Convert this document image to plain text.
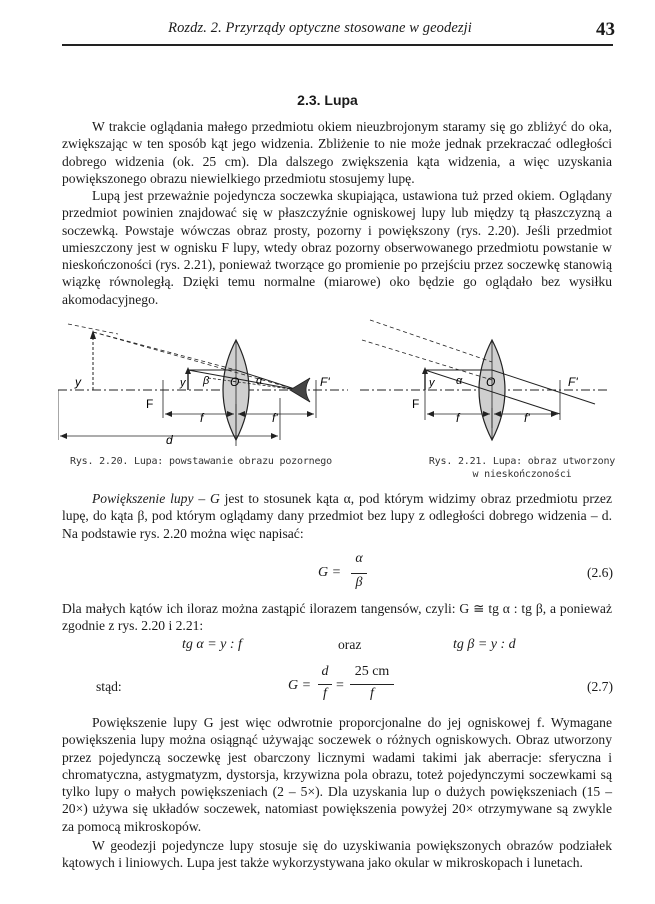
Rozdz. 2. Przyrządy optyczne stosowane w geodezji	43
2.3. Lupa

W trakcie oglądania małego przedmiotu okiem nieuzbrojonym staramy się go zbliżyć do oka, zwiększając w ten sposób kąt jego widzenia. Zbliżenie to nie może jednak przekraczać odległości dobrego widzenia (ok. 25 cm). Dla dalszego zwiększenia kąta widzenia, a więc uzyskania powiększonego obrazu niewielkiego przedmiotu stosujemy lupę.

Lupą jest przeważnie pojedyncza soczewka skupiająca, ustawiona tuż przed okiem. Oglądany przedmiot powinien znajdować się w płaszczyźnie ogniskowej lupy lub między tą płaszczyzną a soczewką. Powstaje wówczas obraz prosty, pozorny i powiększony (rys. 2.20). Jeśli przedmiot umieszczony jest w ognisku F lupy, wtedy obraz pozorny obserwowanego przedmiotu powstanie w nieskończoności (rys. 2.21), ponieważ tworzące go promienie po przejściu przez soczewkę stanowią wiązkę równoległą. Dzięki temu normalne (miarowe) oko będzie go oglądało bez wysiłku akomodacyjnego.

y	y β	α
O
F
F'
f	f'
d
Rys. 2.20. Lupa: powstawanie obrazu pozornego
y α O
F
F'
f	f'
Rys. 2.21. Lupa: obraz utworzony
w nieskończoności

Powiększenie lupy – G jest to stosunek kąta α, pod którym widzimy obraz przedmiotu przez lupę, do kąta β, pod którym oglądamy dany przedmiot bez lupy z odległości dobrego widzenia – d. Na podstawie rys. 2.20 można więc napisać:

G =
α
β
(2.6)

Dla małych kątów ich iloraz można zastąpić ilorazem tangensów, czyli: G ≅ tg α : tg β, a ponieważ zgodnie z rys. 2.20 i 2.21:

tg α = y : f	oraz	tg β = y : d
stąd:	G =
d
f
=
25 cm
f	(2.7)

Powiększenie lupy G jest więc odwrotnie proporcjonalne do jej ogniskowej f. Wymagane powiększenia lupy można osiągnąć używając soczewek o różnych ogniskowych. Obraz utworzony przez pojedynczą soczewkę jest obarczony licznymi wadami takimi jak aberracje: sferyczna i chromatyczna, astygmatyzm, dystorsja, krzywizna pola obrazu, toteż pojedynczymi soczewkami są tylko lupy o małych powiększeniach (2 – 5×). Dla uzyskania lup o dużych powiększeniach (15 – 20×) używa się układów soczewek, natomiast powiększenia powyżej 20× otrzymywane są zwykle za pomocą mikroskopów.

W geodezji pojedyncze lupy stosuje się do uzyskiwania powiększonych obrazów podziałek kątowych i liniowych. Lupa jest także wykorzystywana jako okular w mikroskopach i lunetach.
